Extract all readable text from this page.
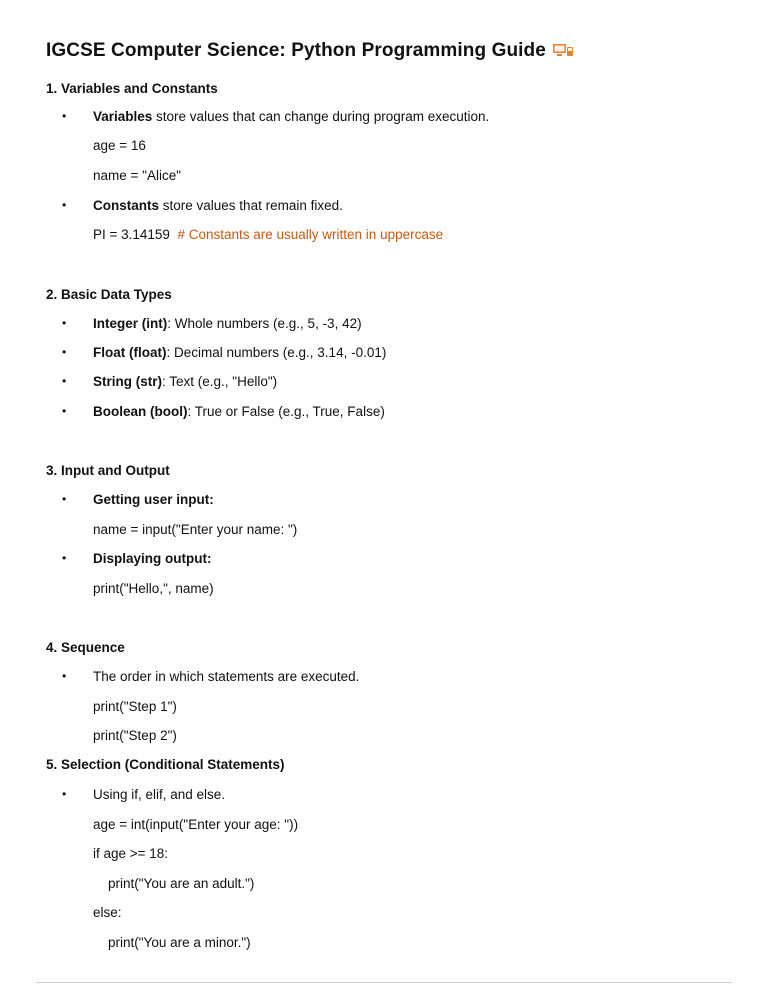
IGCSE Computer Science: Python Programming Guide
1. Variables and Constants
•	Variables store values that can change during program execution.
age = 16
name = "Alice"
•	Constants store values that remain fixed.
PI = 3.14159 # Constants are usually written in uppercase
2. Basic Data Types
•	Integer (int): Whole numbers (e.g., 5, -3, 42)
•	Float (float): Decimal numbers (e.g., 3.14, -0.01)
•	String (str): Text (e.g., "Hello")
•	Boolean (bool): True or False (e.g., True, False)
3. Input and Output
•	Getting user input:
name = input("Enter your name: ")
•	Displaying output:
print("Hello,", name)
4. Sequence
•	The order in which statements are executed.
print("Step 1")
print("Step 2")
5. Selection (Conditional Statements)
•	Using if, elif, and else.
age = int(input("Enter your age: "))
if age >= 18:
print("You are an adult.")
else:
print("You are a minor.")
